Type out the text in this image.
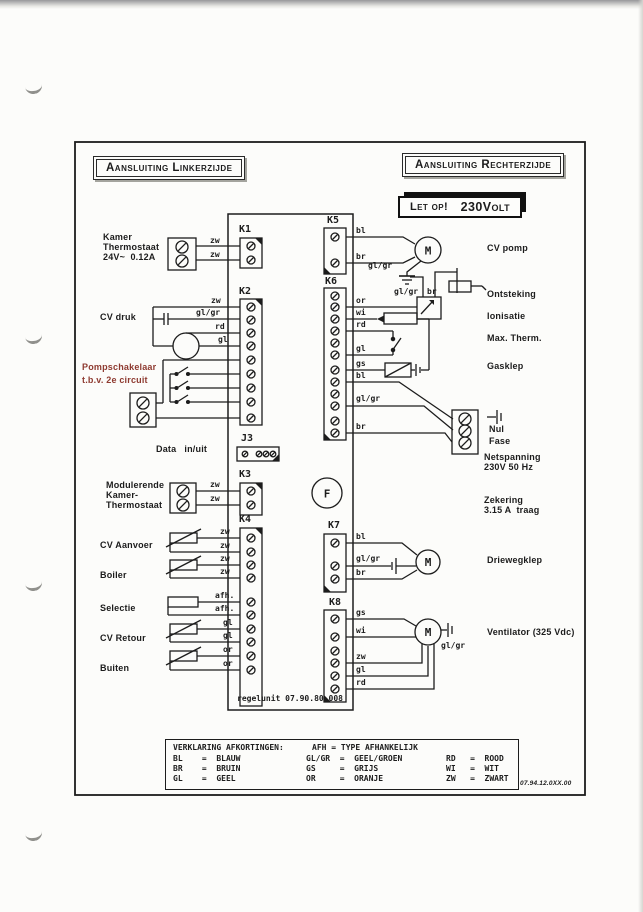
M
F
M
M
Aansluiting Linkerzijde	Aansluiting Rechterzijde
Let op! 230Volt
K1
K2
J3
K3
K4
K5
K6
K7
K8
regelunit 07.90.80.008
Kamer
Thermostaat
24V~  0.12A
CV druk
Pompschakelaar
t.b.v. 2e circuit
Data   in/uit
Modulerende
Kamer-
Thermostaat
CV Aanvoer
Boiler
Selectie
CV Retour
Buiten
CV pomp
Ontsteking
Ionisatie
Max. Therm.
Gasklep
Nul
Fase
Netspanning
230V 50 Hz
Zekering
3.15 A  traag
Driewegklep
Ventilator (325 Vdc)
zw
zw
zw
gl/gr
rd
gl
zw
zw
zw
zw
zw
zw
afh.
afh.
gl
gl
or
or
bl
br
gl/gr
gl/gr br
or
wi
rd
gl
gs
bl
gl/gr
br
bl
gl/gr
br
gs
wi
zw
gl
rd
gl/gr
VERKLARING AFKORTINGEN:	AFH = TYPE AFHANKELIJK
BL    =  BLAUW
BR    =  BRUIN
GL    =  GEEL
GL/GR  =  GEEL/GROEN
GS     =  GRIJS
OR     =  ORANJE
RD   =  ROOD
WI   =  WIT
ZW   =  ZWART
07.94.12.0XX.00
